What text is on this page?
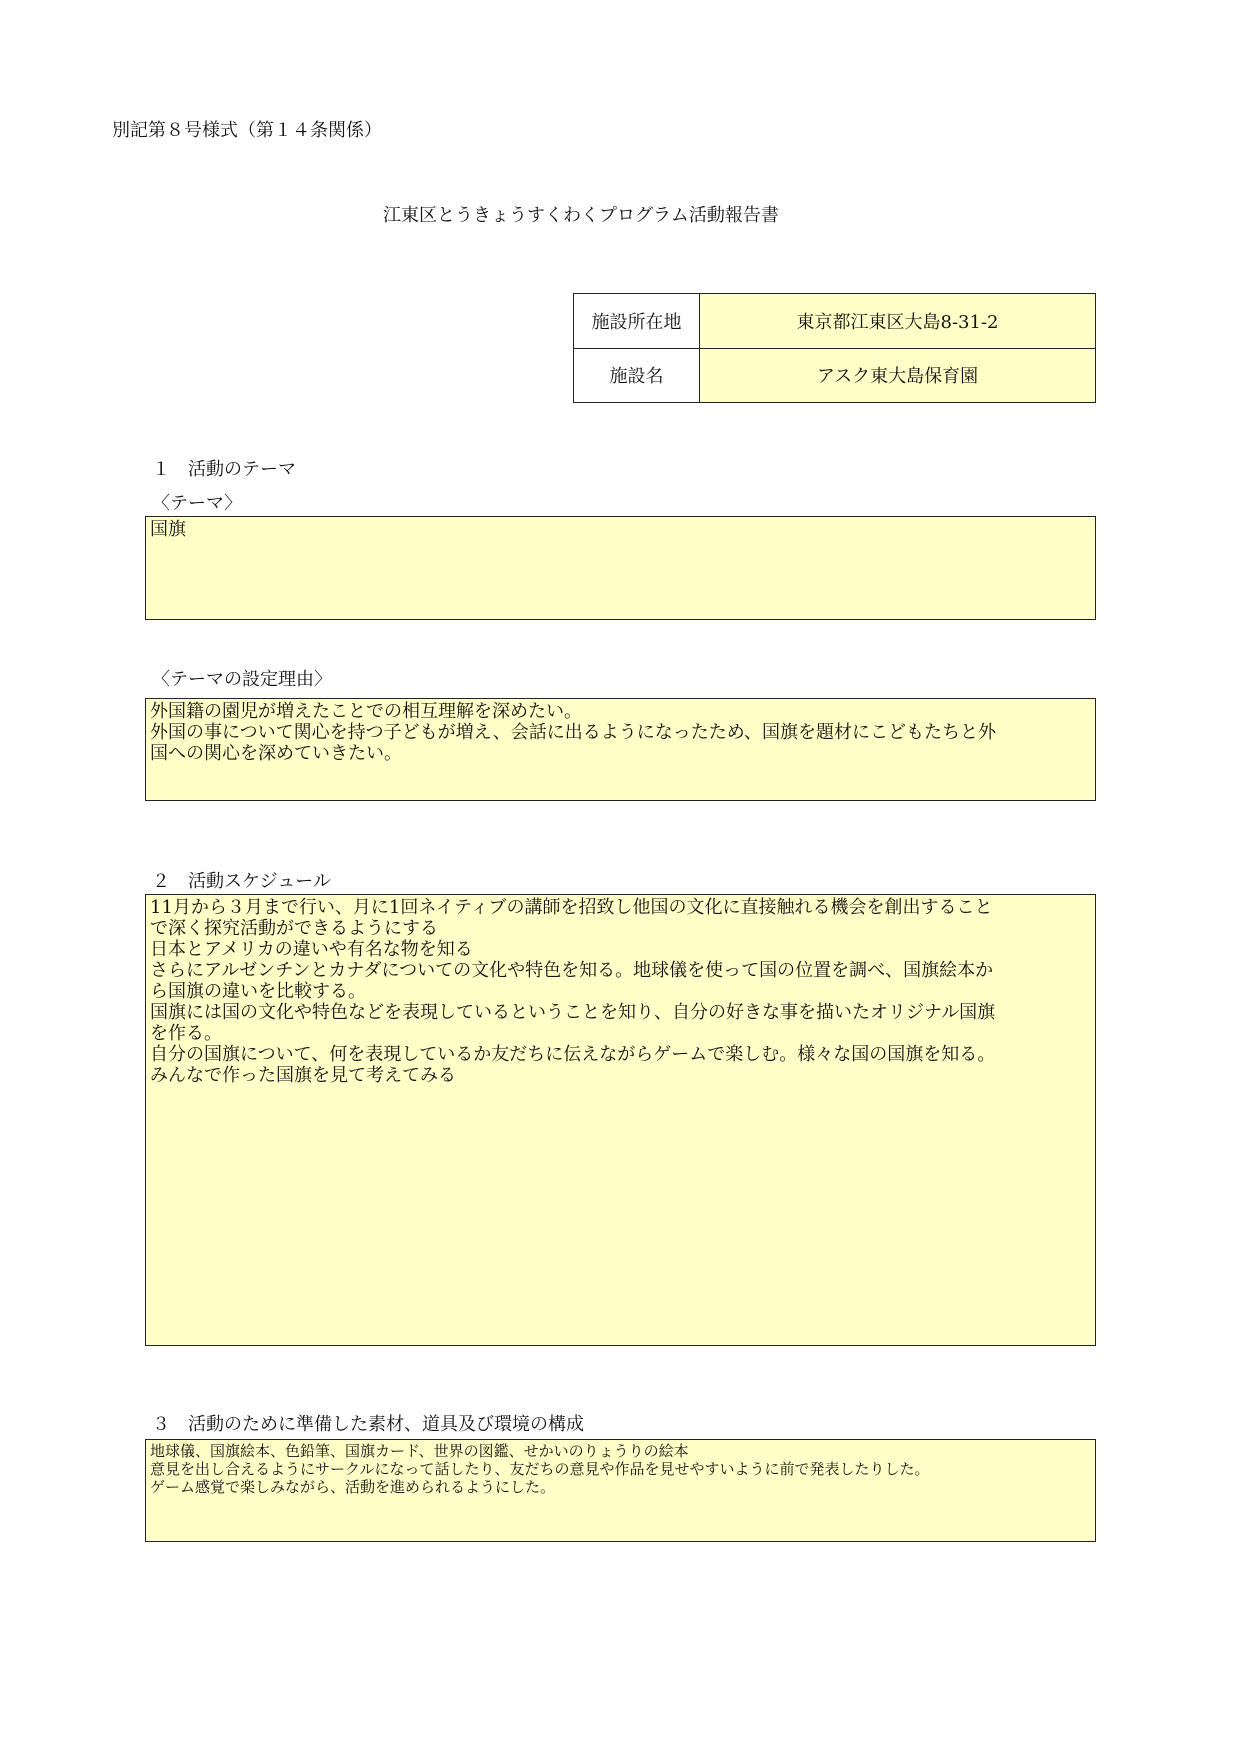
別記第８号様式（第１４条関係）
江東区とうきょうすくわくプログラム活動報告書
施設所在地	東京都江東区大島8-31-2
施設名	アスク東大島保育園
１　活動のテーマ
〈テーマ〉
国旗
〈テーマの設定理由〉
外国籍の園児が増えたことでの相互理解を深めたい。
外国の事について関心を持つ子どもが増え、会話に出るようになったため、国旗を題材にこどもたちと外
国への関心を深めていきたい。
２　活動スケジュール
11月から３月まで行い、月に1回ネイティブの講師を招致し他国の文化に直接触れる機会を創出すること
で深く探究活動ができるようにする
日本とアメリカの違いや有名な物を知る
さらにアルゼンチンとカナダについての文化や特色を知る。地球儀を使って国の位置を調べ、国旗絵本か
ら国旗の違いを比較する。
国旗には国の文化や特色などを表現しているということを知り、自分の好きな事を描いたオリジナル国旗
を作る。
自分の国旗について、何を表現しているか友だちに伝えながらゲームで楽しむ。様々な国の国旗を知る。
みんなで作った国旗を見て考えてみる
３　活動のために準備した素材、道具及び環境の構成
地球儀、国旗絵本、色鉛筆、国旗カード、世界の図鑑、せかいのりょうりの絵本
意見を出し合えるようにサークルになって話したり、友だちの意見や作品を見せやすいように前で発表したりした。
ゲーム感覚で楽しみながら、活動を進められるようにした。
